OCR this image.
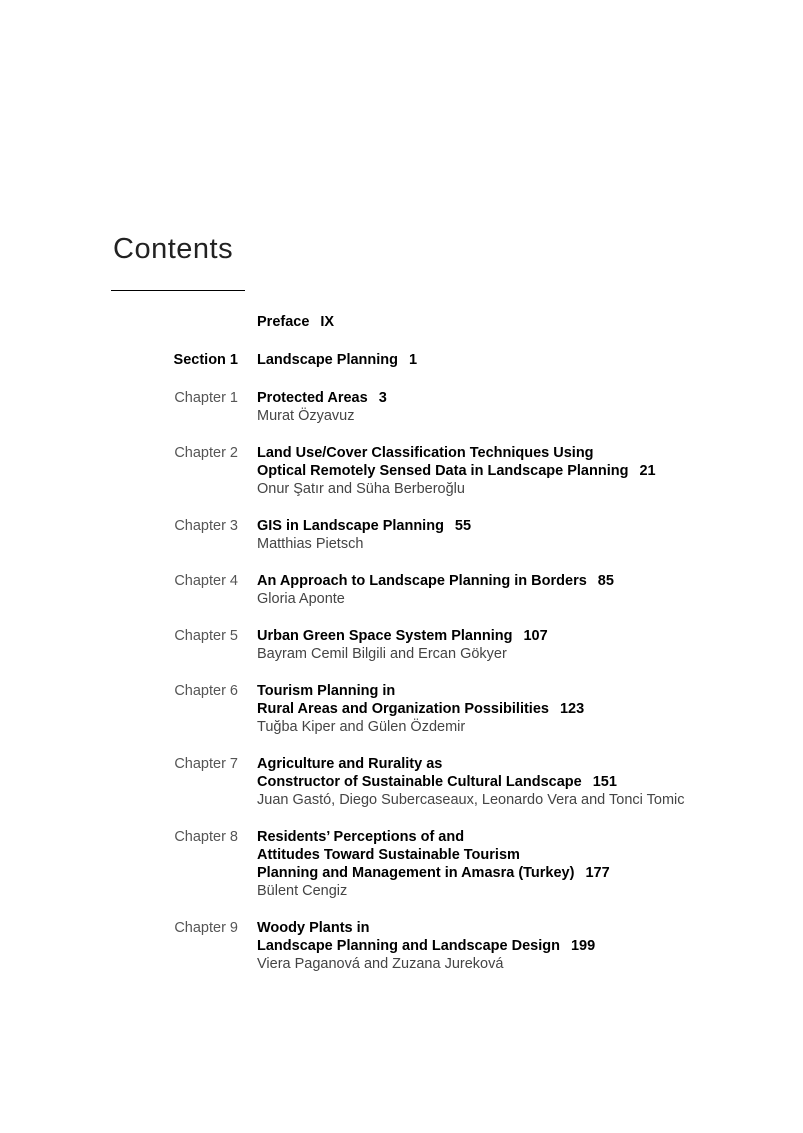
Contents
Preface IX
Section 1 Landscape Planning 1
Chapter 1 Protected Areas 3
Murat Özyavuz
Chapter 2 Land Use/Cover Classification Techniques Using
Optical Remotely Sensed Data in Landscape Planning 21
Onur Şatır and Süha Berberoğlu
Chapter 3 GIS in Landscape Planning 55
Matthias Pietsch
Chapter 4 An Approach to Landscape Planning in Borders 85
Gloria Aponte
Chapter 5 Urban Green Space System Planning 107
Bayram Cemil Bilgili and Ercan Gökyer
Chapter 6 Tourism Planning in
Rural Areas and Organization Possibilities 123
Tuğba Kiper and Gülen Özdemir
Chapter 7 Agriculture and Rurality as
Constructor of Sustainable Cultural Landscape 151
Juan Gastó, Diego Subercaseaux, Leonardo Vera and Tonci Tomic
Chapter 8 Residents’ Perceptions of and
Attitudes Toward Sustainable Tourism
Planning and Management in Amasra (Turkey) 177
Bülent Cengiz
Chapter 9 Woody Plants in
Landscape Planning and Landscape Design 199
Viera Paganová and Zuzana Jureková
